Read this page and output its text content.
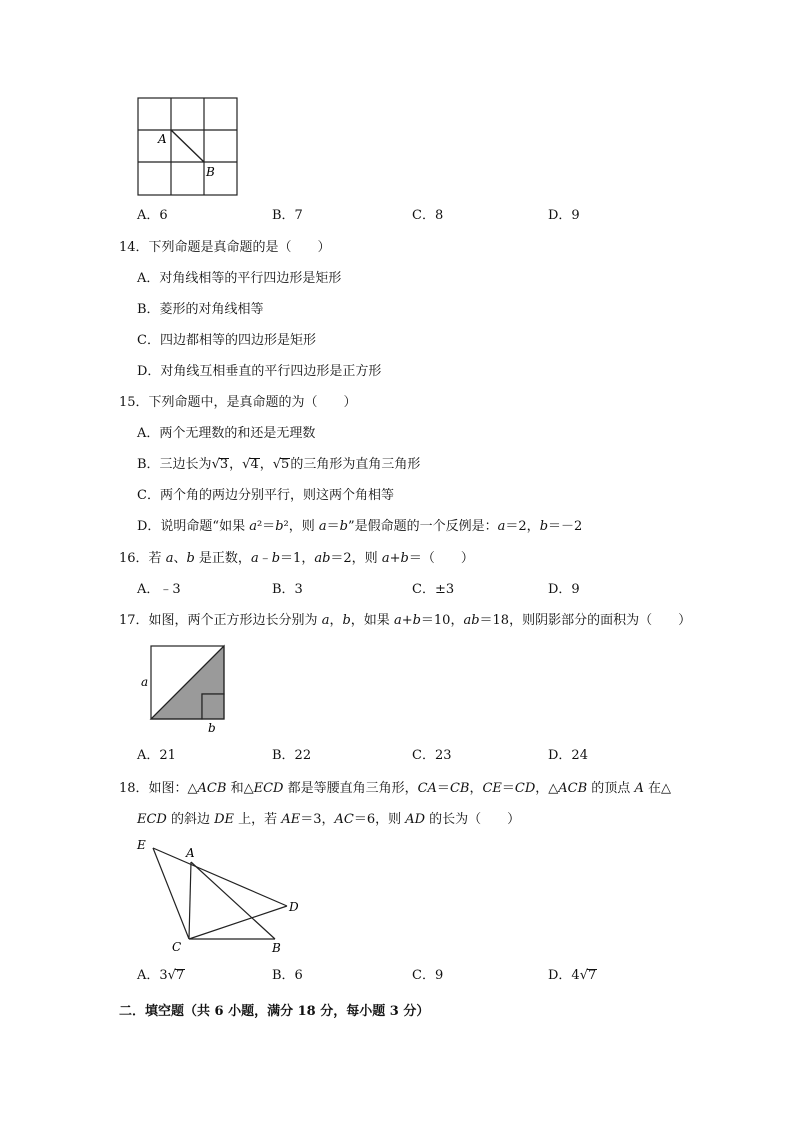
A
B
A．6	B．7	C．8	D．9
14．下列命题是真命题的是（　　）
A．对角线相等的平行四边形是矩形
B．菱形的对角线相等
C．四边都相等的四边形是矩形
D．对角线互相垂直的平行四边形是正方形
15．下列命题中，是真命题的为（　　）
A．两个无理数的和还是无理数
B．三边长为√3，√4，√5的三角形为直角三角形
C．两个角的两边分别平行，则这两个角相等
D．说明命题“如果 a²＝b²，则 a＝b”是假命题的一个反例是：a＝2，b＝－2
16．若 a、b 是正数，a﹣b＝1，ab＝2，则 a+b＝（　　）
A．﹣3	B．3	C．±3	D．9
17．如图，两个正方形边长分别为 a，b，如果 a+b＝10，ab＝18，则阴影部分的面积为（　　）
a
b
A．21	B．22	C．23	D．24
18．如图：△ACB 和△ECD 都是等腰直角三角形，CA＝CB，CE＝CD，△ACB 的顶点 A 在△
ECD 的斜边 DE 上，若 AE＝3，AC＝6，则 AD 的长为（　　）
E
A
D
C	B
A．3√7	B．6	C．9	D．4√7
二．填空题（共 6 小题，满分 18 分，每小题 3 分）
